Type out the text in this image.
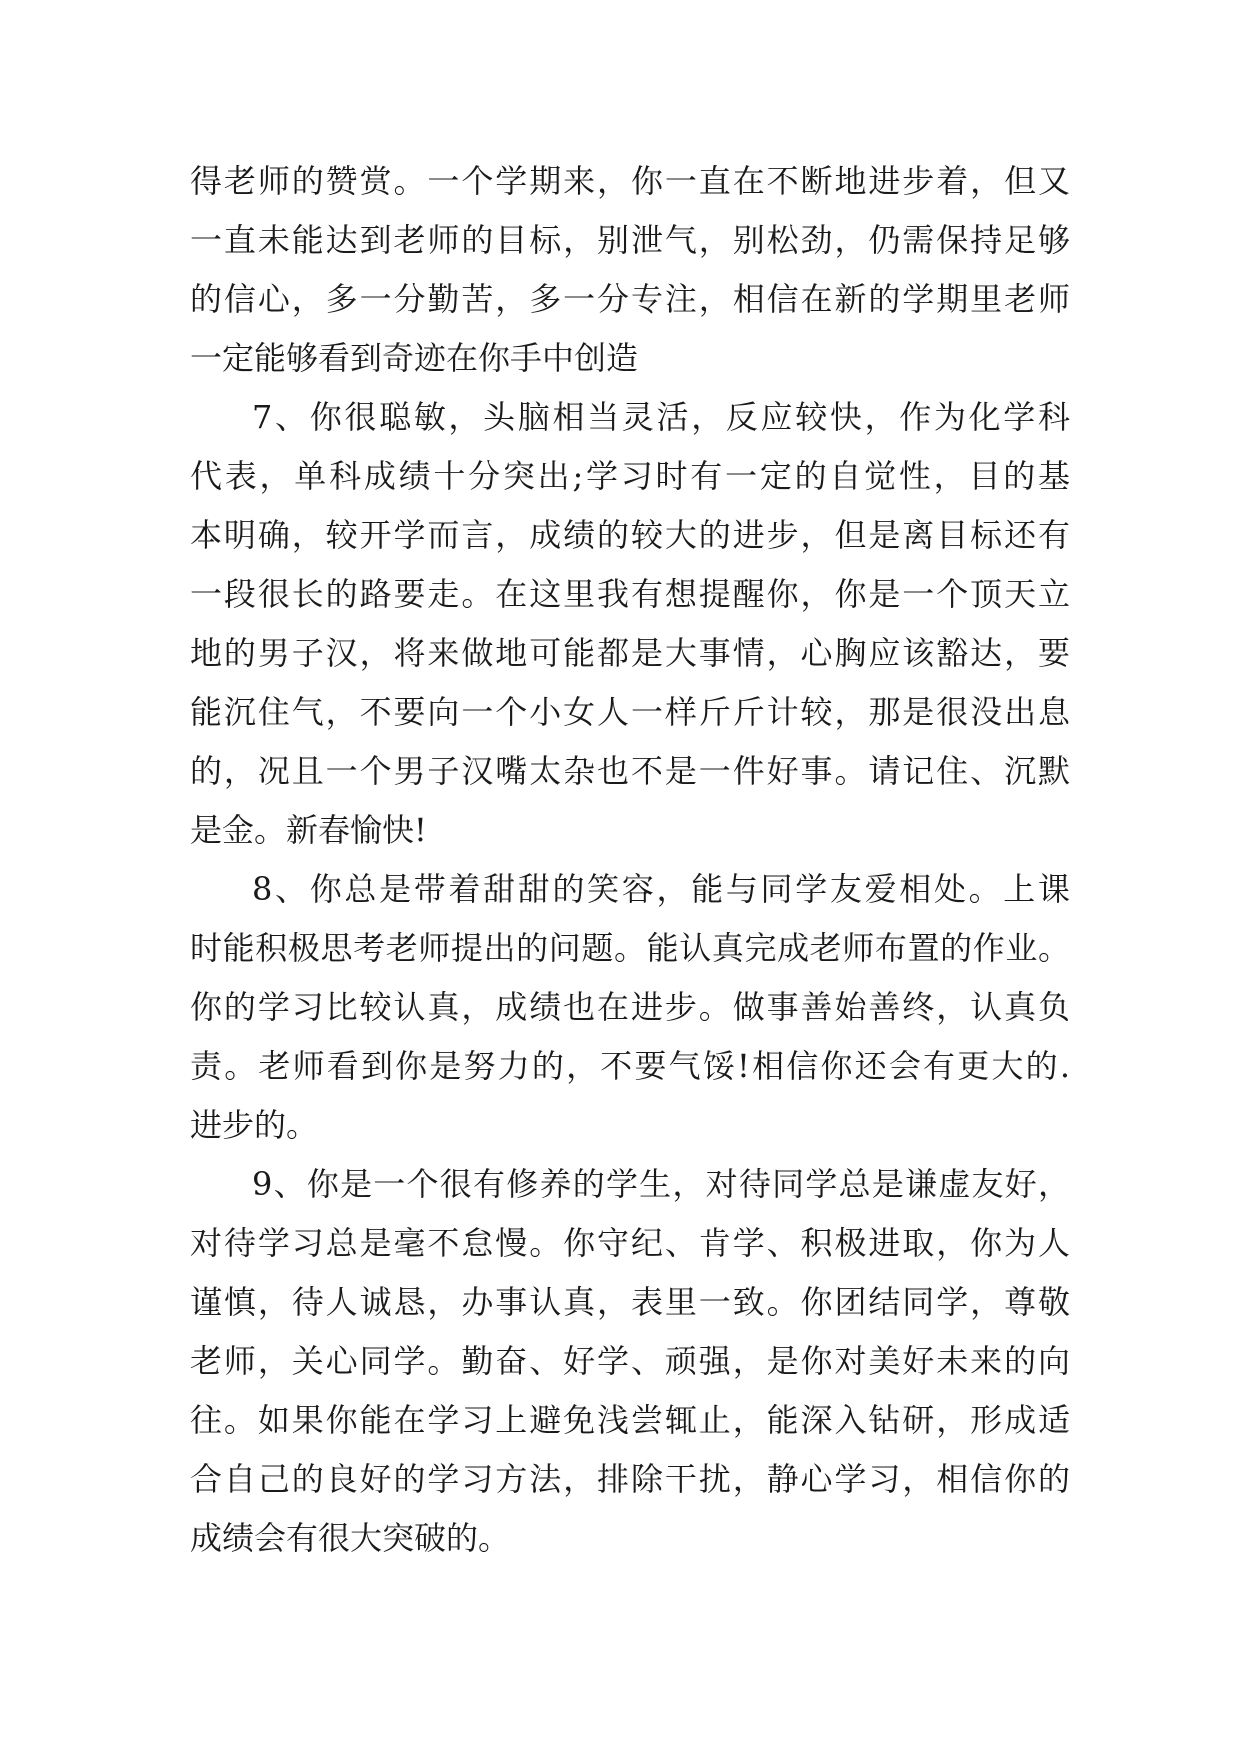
得老师的赞赏。一个学期来，你一直在不断地进步着，但又
一直未能达到老师的目标，别泄气，别松劲，仍需保持足够
的信心，多一分勤苦，多一分专注，相信在新的学期里老师
一定能够看到奇迹在你手中创造
7、你很聪敏，头脑相当灵活，反应较快，作为化学科
代表，单科成绩十分突出;学习时有一定的自觉性，目的基
本明确，较开学而言，成绩的较大的进步，但是离目标还有
一段很长的路要走。在这里我有想提醒你，你是一个顶天立
地的男子汉，将来做地可能都是大事情，心胸应该豁达，要
能沉住气，不要向一个小女人一样斤斤计较，那是很没出息
的，况且一个男子汉嘴太杂也不是一件好事。请记住、沉默
是金。新春愉快!
8、你总是带着甜甜的笑容，能与同学友爱相处。上课
时能积极思考老师提出的问题。能认真完成老师布置的作业。
你的学习比较认真，成绩也在进步。做事善始善终，认真负
责。老师看到你是努力的，不要气馁!相信你还会有更大的.
进步的。
9、你是一个很有修养的学生，对待同学总是谦虚友好，
对待学习总是毫不怠慢。你守纪、肯学、积极进取，你为人
谨慎，待人诚恳，办事认真，表里一致。你团结同学，尊敬
老师，关心同学。勤奋、好学、顽强，是你对美好未来的向
往。如果你能在学习上避免浅尝辄止，能深入钻研，形成适
合自己的良好的学习方法，排除干扰，静心学习，相信你的
成绩会有很大突破的。
